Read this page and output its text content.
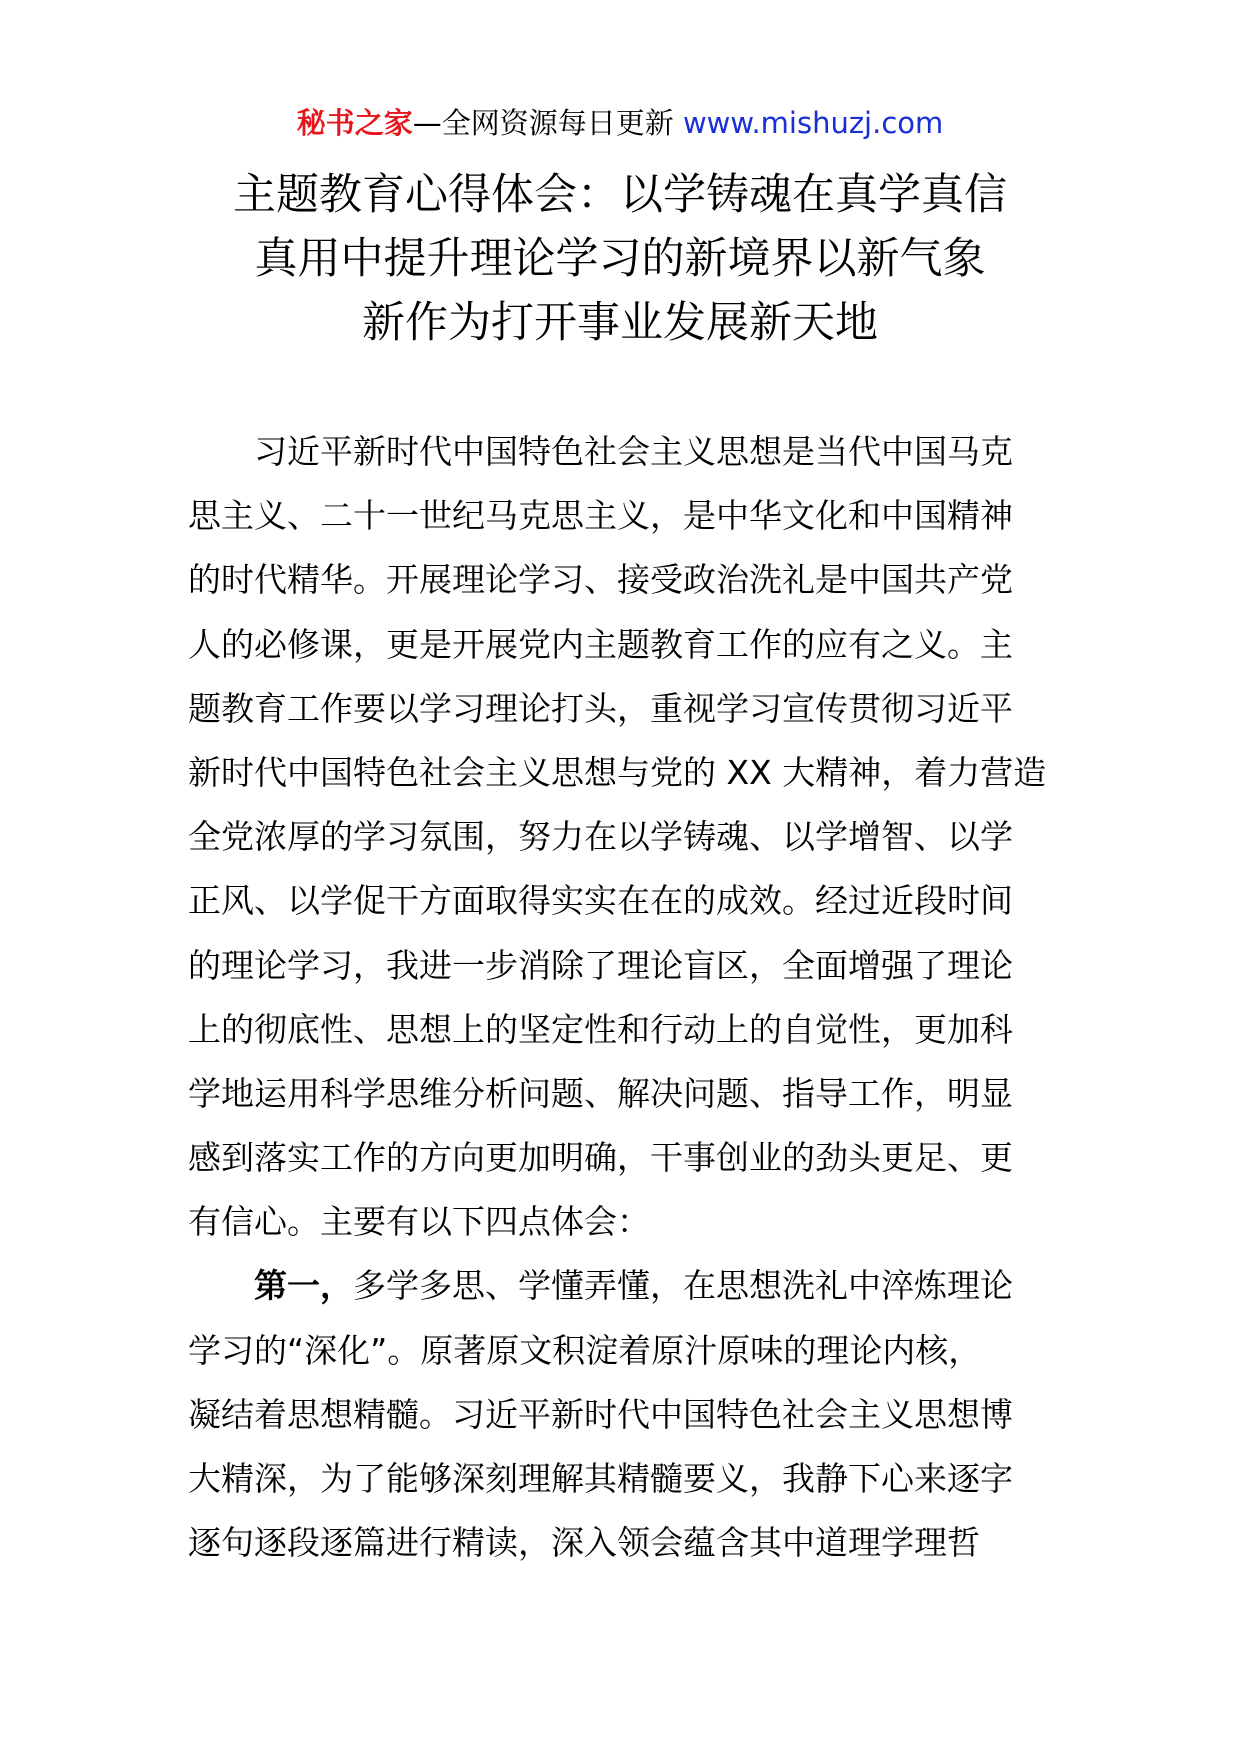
秘书之家—全网资源每日更新 www.mishuzj.com
主题教育心得体会：以学铸魂在真学真信
真用中提升理论学习的新境界以新气象
新作为打开事业发展新天地
习近平新时代中国特色社会主义思想是当代中国马克
思主义、二十一世纪马克思主义，是中华文化和中国精神
的时代精华。开展理论学习、接受政治洗礼是中国共产党
人的必修课，更是开展党内主题教育工作的应有之义。主
题教育工作要以学习理论打头，重视学习宣传贯彻习近平
新时代中国特色社会主义思想与党的 XX 大精神，着力营造
全党浓厚的学习氛围，努力在以学铸魂、以学增智、以学
正风、以学促干方面取得实实在在的成效。经过近段时间
的理论学习，我进一步消除了理论盲区，全面增强了理论
上的彻底性、思想上的坚定性和行动上的自觉性，更加科
学地运用科学思维分析问题、解决问题、指导工作，明显
感到落实工作的方向更加明确，干事创业的劲头更足、更
有信心。主要有以下四点体会：
第一，多学多思、学懂弄懂，在思想洗礼中淬炼理论
学习的“深化”。原著原文积淀着原汁原味的理论内核，
凝结着思想精髓。习近平新时代中国特色社会主义思想博
大精深，为了能够深刻理解其精髓要义，我静下心来逐字
逐句逐段逐篇进行精读，深入领会蕴含其中道理学理哲
